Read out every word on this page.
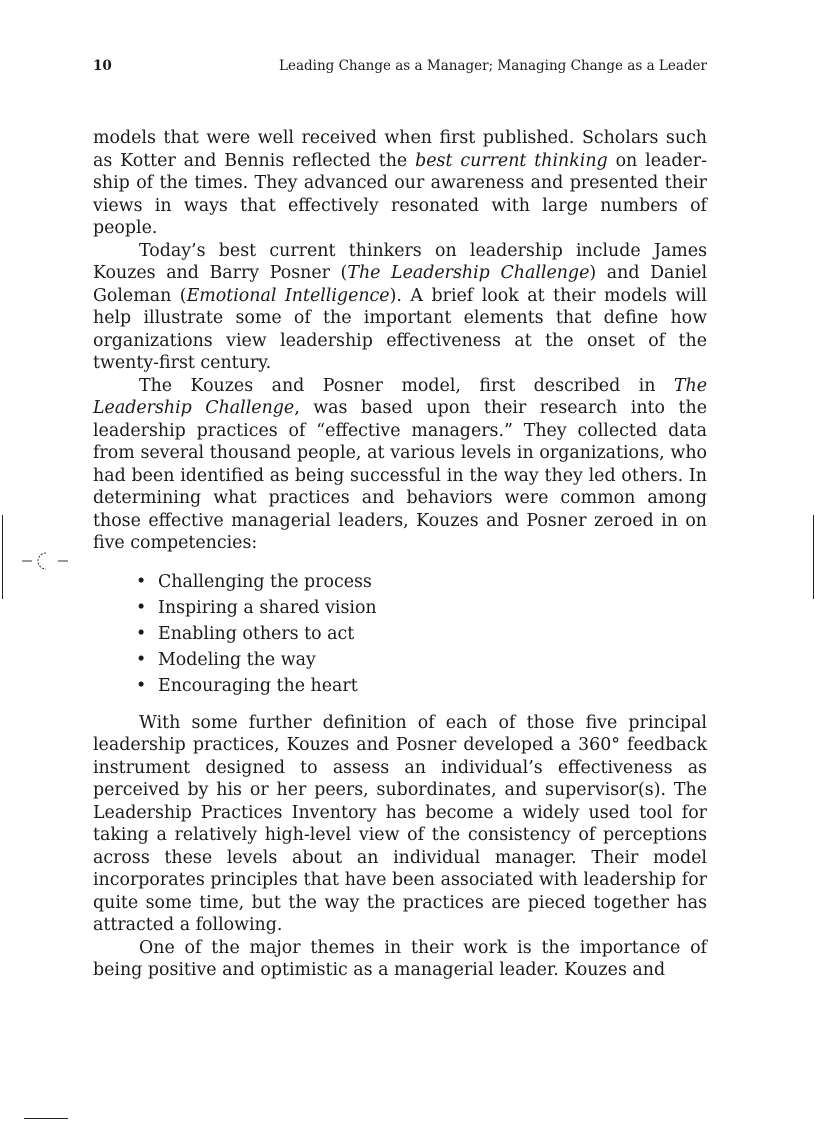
10	Leading Change as a Manager; Managing Change as a Leader

models that were well received when first published. Scholars such as Kotter and Bennis reflected the best current thinking on leadership of the times. They advanced our awareness and presented their views in ways that effectively resonated with large numbers of people.

Today’s best current thinkers on leadership include James Kouzes and Barry Posner (The Leadership Challenge) and Daniel Goleman (Emotional Intelligence). A brief look at their models will help illustrate some of the important elements that define how organizations view leadership effectiveness at the onset of the twenty-first century.

The Kouzes and Posner model, first described in The Leadership Challenge, was based upon their research into the leadership practices of “effective managers.” They collected data from several thousand people, at various levels in organizations, who had been identified as being successful in the way they led others. In determining what practices and behaviors were common among those effective managerial leaders, Kouzes and Posner zeroed in on five competencies:

• Challenging the process
• Inspiring a shared vision
• Enabling others to act
• Modeling the way
• Encouraging the heart

With some further definition of each of those five principal leadership practices, Kouzes and Posner developed a 360° feedback instrument designed to assess an individual’s effectiveness as perceived by his or her peers, subordinates, and supervisor(s). The Leadership Practices Inventory has become a widely used tool for taking a relatively high-level view of the consistency of perceptions across these levels about an individual manager. Their model incorporates principles that have been associated with leadership for quite some time, but the way the practices are pieced together has attracted a following.

One of the major themes in their work is the importance of being positive and optimistic as a managerial leader. Kouzes and
